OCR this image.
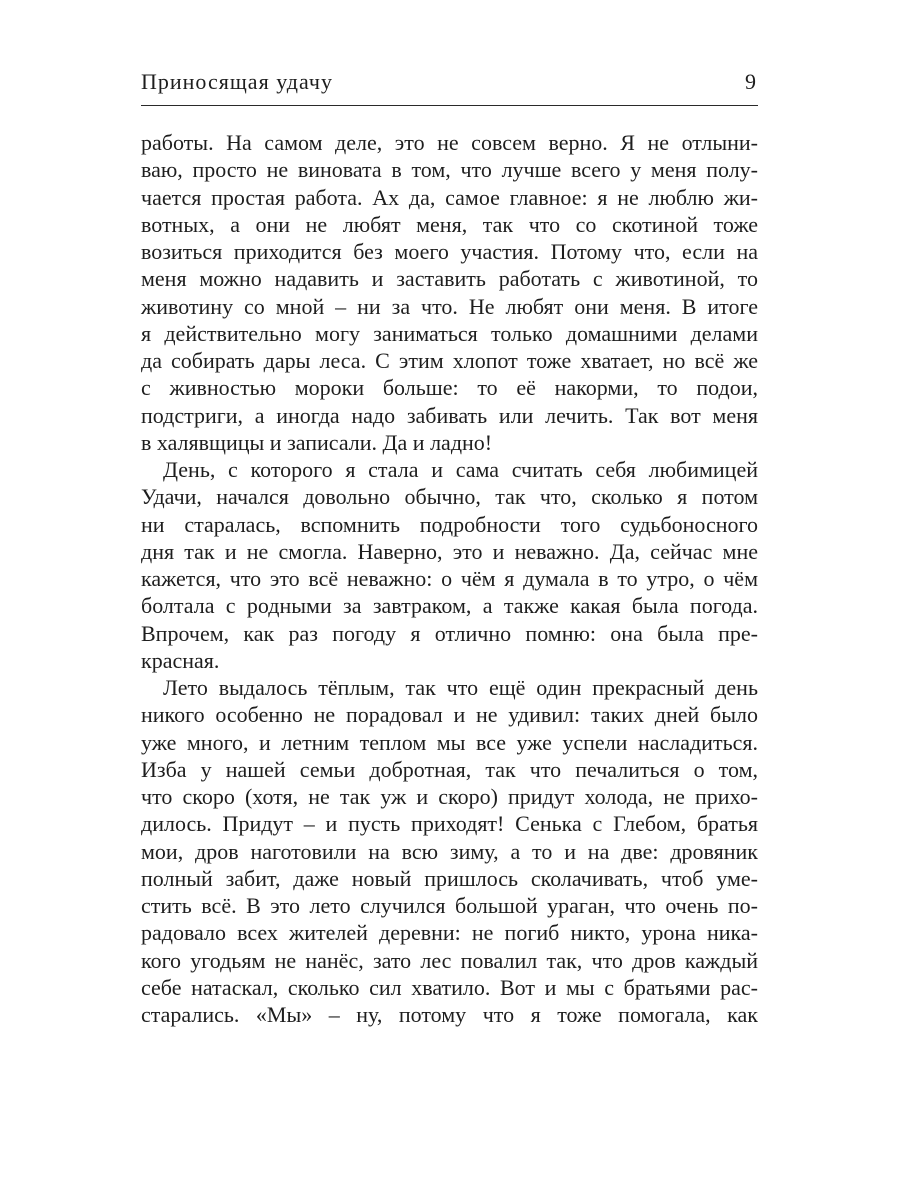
Приносящая удачу	9
работы. На самом деле, это не совсем верно. Я не отлыни-
ваю, просто не виновата в том, что лучше всего у меня полу-
чается простая работа. Ах да, самое главное: я не люблю жи-
вотных, а они не любят меня, так что со скотиной тоже
возиться приходится без моего участия. Потому что, если на
меня можно надавить и заставить работать с животиной, то
животину со мной – ни за что. Не любят они меня. В итоге
я действительно могу заниматься только домашними делами
да собирать дары леса. С этим хлопот тоже хватает, но всё же
с живностью мороки больше: то её накорми, то подои,
подстриги, а иногда надо забивать или лечить. Так вот меня
в халявщицы и записали. Да и ладно!
День, с которого я стала и сама считать себя любимицей
Удачи, начался довольно обычно, так что, сколько я потом
ни старалась, вспомнить подробности того судьбоносного
дня так и не смогла. Наверно, это и неважно. Да, сейчас мне
кажется, что это всё неважно: о чём я думала в то утро, о чём
болтала с родными за завтраком, а также какая была погода.
Впрочем, как раз погоду я отлично помню: она была пре-
красная.
Лето выдалось тёплым, так что ещё один прекрасный день
никого особенно не порадовал и не удивил: таких дней было
уже много, и летним теплом мы все уже успели насладиться.
Изба у нашей семьи добротная, так что печалиться о том,
что скоро (хотя, не так уж и скоро) придут холода, не прихо-
дилось. Придут – и пусть приходят! Сенька с Глебом, братья
мои, дров наготовили на всю зиму, а то и на две: дровяник
полный забит, даже новый пришлось сколачивать, чтоб уме-
стить всё. В это лето случился большой ураган, что очень по-
радовало всех жителей деревни: не погиб никто, урона ника-
кого угодьям не нанёс, зато лес повалил так, что дров каждый
себе натаскал, сколько сил хватило. Вот и мы с братьями рас-
старались. «Мы» – ну, потому что я тоже помогала, как
